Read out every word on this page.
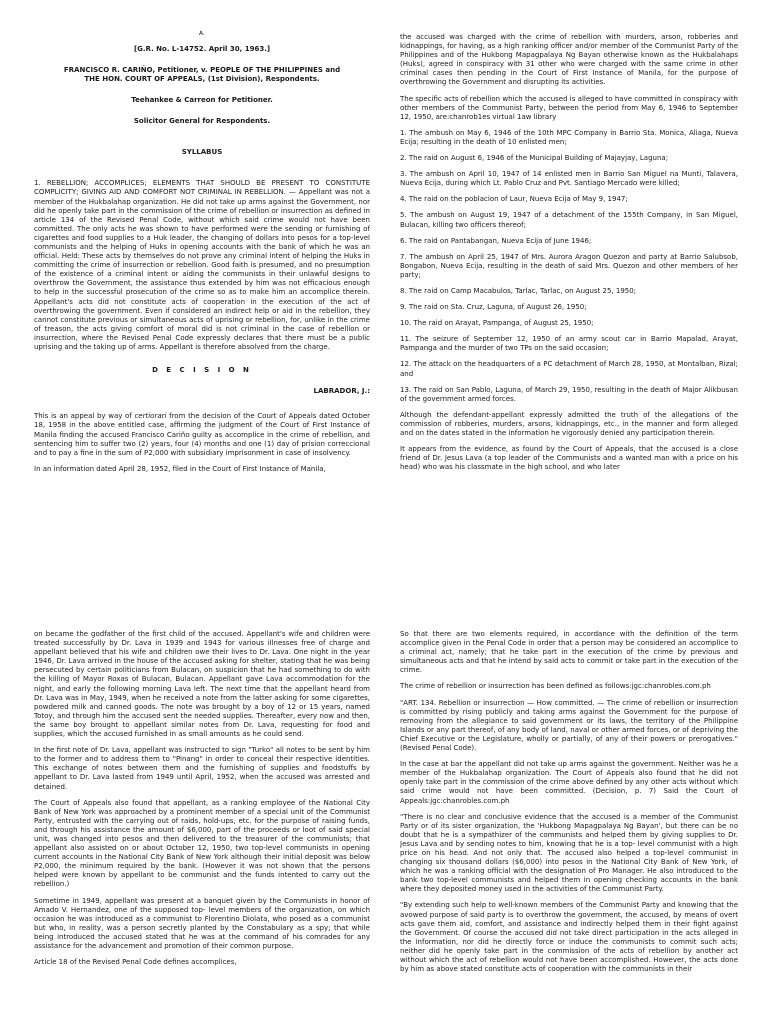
A.

[G.R. No. L-14752. April 30, 1963.]

FRANCISCO R. CARIÑO, Petitioner, v. PEOPLE OF THE PHILIPPINES and

THE HON. COURT OF APPEALS, (1st Division), Respondents.

Teehankee & Carreon for Petitioner.

Solicitor General for Respondents.

SYLLABUS

1. REBELLION; ACCOMPLICES; ELEMENTS THAT SHOULD BE PRESENT TO CONSTITUTE COMPLICITY; GIVING AID AND COMFORT NOT CRIMINAL IN REBELLION. — Appellant was not a member of the Hukbalahap organization. He did not take up arms against the Government, nor did he openly take part in the commission of the crime of rebellion or insurrection as defined in article 134 of the Revised Penal Code, without which said crime would not have been committed. The only acts he was shown to have performed were the sending or furnishing of cigarettes and food supplies to a Huk leader, the changing of dollars into pesos for a top-level communists and the helping of Huks in opening accounts with the bank of which he was an official. Held: These acts by themselves do not prove any criminal intent of helping the Huks in committing the crime of insurrection or rebellion. Good faith is presumed, and no presumption of the existence of a criminal intent or aiding the communists in their unlawful designs to overthrow the Government, the assistance thus extended by him was not efficacious enough to help in the successful prosecution of the crime so as to make him an accomplice therein. Appellant's acts did not constitute acts of cooperation in the execution of the act of overthrowing the government. Even if considered an indirect help or aid in the rebellion, they cannot constitute previous or simultaneous acts of uprising or rebellion, for, unlike in the crime of treason, the acts giving comfort of moral did is not criminal in the case of rebellion or insurrection, where the Revised Penal Code expressly declares that there must be a public uprising and the taking up of arms. Appellant is therefore absolved from the charge.

D E C I S I O N

LABRADOR, J.:

This is an appeal by way of certiorari from the decision of the Court of Appeals dated October 18, 1958 in the above entitled case, affirming the judgment of the Court of First Instance of Manila finding the accused Francisco Cariño guilty as accomplice in the crime of rebellion, and sentencing him to suffer two (2) years, four (4) months and one (1) day of prision correccional and to pay a fine in the sum of P2,000 with subsidiary imprisonment in case of insolvency.

In an information dated April 28, 1952, filed in the Court of First Instance of Manila,

the accused was charged with the crime of rebellion with murders, arson, robberies and kidnappings, for having, as a high ranking officer and/or member of the Communist Party of the Philippines and of the Hukbong Mapagpalaya Ng Bayan otherwise known as the Hukbalahaps (Huks), agreed in conspiracy with 31 other who were charged with the same crime in other criminal cases then pending in the Court of First Instance of Manila, for the purpose of overthrowing the Government and disrupting its activities.

The specific acts of rebellion which the accused is alleged to have committed in conspiracy with other members of the Communist Party, between the period from May 6, 1946 to September 12, 1950, are:chanrob1es virtual 1aw library

1. The ambush on May 6, 1946 of the 10th MPC Company in Barrio Sta. Monica, Aliaga, Nueva Ecija; resulting in the death of 10 enlisted men;

2. The raid on August 6, 1946 of the Municipal Building of Majayjay, Laguna;

3. The ambush on April 10, 1947 of 14 enlisted men in Barrio San Miguel na Munti, Talavera, Nueva Ecija, during which Lt. Pablo Cruz and Pvt. Santiago Mercado were killed;

4. The raid on the poblacion of Laur, Nueva Ecija of May 9, 1947;

5. The ambush on August 19, 1947 of a detachment of the 155th Company, in San Miguel, Bulacan, killing two officers thereof;

6. The raid on Pantabangan, Nueva Ecija of June 1946;

7. The ambush on April 25, 1947 of Mrs. Aurora Aragon Quezon and party at Barrio Salubsob, Bongabon, Nueva Ecija, resulting in the death of said Mrs. Quezon and other members of her party;

8. The raid on Camp Macabulos, Tarlac, Tarlac, on August 25, 1950;

9. The raid on Sta. Cruz, Laguna, of August 26, 1950;

10. The raid on Arayat, Pampanga, of August 25, 1950;

11. The seizure of September 12, 1950 of an army scout car in Barrio Mapalad, Arayat, Pampanga and the murder of two TPs on the said occasion;

12. The attack on the headquarters of a PC detachment of March 28, 1950, at Montalban, Rizal; and

13. The raid on San Pablo, Laguna, of March 29, 1950, resulting in the death of Major Alikbusan of the government armed forces.

Although the defendant-appellant expressly admitted the truth of the allegations of the commission of robberies, murders, arsons, kidnappings, etc., in the manner and form alleged and on the dates stated in the information he vigorously denied any participation therein.

It appears from the evidence, as found by the Court of Appeals, that the accused is a close friend of Dr. Jesus Lava (a top leader of the Communists and a wanted man with a price on his head) who was his classmate in the high school, and who later

on became the godfather of the first child of the accused. Appellant's wife and children were treated successfully by Dr. Lava in 1939 and 1943 for various illnesses free of charge and appellant believed that his wife and children owe their lives to Dr. Lava. One night in the year 1946, Dr. Lava arrived in the house of the accused asking for shelter, stating that he was being persecuted by certain politicians from Bulacan, on suspicion that he had something to do with the killing of Mayor Roxas of Bulacan, Bulacan. Appellant gave Lava accommodation for the night, and early the following morning Lava left. The next time that the appellant heard from Dr. Lava was in May, 1949, when he received a note from the latter asking for some cigarettes, powdered milk and canned goods. The note was brought by a boy of 12 or 15 years, named Totoy, and through him the accused sent the needed supplies. Thereafter, every now and then, the same boy brought to appellant similar notes from Dr. Lava, requesting for food and supplies, which the accused furnished in as small amounts as he could send.

In the first note of Dr. Lava, appellant was instructed to sign "Turko" all notes to be sent by him to the former and to address them to "Pinang" in order to conceal their respective identities. This exchange of notes between them and the furnishing of supplies and foodstuffs by appellant to Dr. Lava lasted from 1949 until April, 1952, when the accused was arrested and detained.

The Court of Appeals also found that appellant, as a ranking employee of the National City Bank of New York was approached by a prominent member of a special unit of the Communist Party, entrusted with the carrying out of raids, hold-ups, etc. for the purpose of raising funds, and through his assistance the amount of $6,000, part of the proceeds or loot of said special unit, was changed into pesos and then delivered to the treasurer of the communists; that appellant also assisted on or about October 12, 1950, two top-level communists in opening current accounts in the National City Bank of New York although their initial deposit was below P2,000, the minimum required by the bank. (However it was not shown that the persons helped were known by appellant to be communist and the funds intented to carry out the rebellion.)

Sometime in 1949, appellant was present at a banquet given by the Communists in honor of Amado V. Hernandez, one of the supposed top- level members of the organization, on which occasion he was introduced as a communist to Florentino Diolata, who posed as a communist but who, in reality, was a person secretly planted by the Constabulary as a spy; that while being introduced the accused stated that he was at the command of his comrades for any assistance for the advancement and promotion of their common purpose.

Article 18 of the Revised Penal Code defines accomplices,

So that there are two elements required, in accordance with the definition of the term accomplice given in the Penal Code in order that a person may be considered an accomplice to a criminal act, namely; that he take part in the execution of the crime by previous and simultaneous acts and that he intend by said acts to commit or take part in the execution of the crime.

The crime of rebellion or insurrection has been defined as follows:jgc:chanrobles.com.ph

"ART. 134. Rebellion or insurrection — How committed. — The crime of rebellion or insurrection is committed by rising publicly and taking arms against the Government for the purpose of removing from the allegiance to said government or its laws, the territory of the Philippine Islands or any part thereof, of any body of land, naval or other armed forces, or of depriving the Chief Executive or the Legislature, wholly or partially, of any of their powers or prerogatives." (Revised Penal Code).

In the case at bar the appellant did not take up arms against the government. Neither was he a member of the Hukbalahap organization. The Court of Appeals also found that he did not openly take part in the commission of the crime above defined by any other acts without which said crime would not have been committed. (Decision, p. 7) Said the Court of Appeals:jgc:chanrobles.com.ph

"There is no clear and conclusive evidence that the accused is a member of the Communist Party or of its sister organization, the 'Hukbong Mapagpalaya Ng Bayan', but there can be no doubt that he is a sympathizer of the communists and helped them by giving supplies to Dr. Jesus Lava and by sending notes to him, knowing that he is a top- level communist with a high price on his head. And not only that. The accused also helped a top-level communist in changing six thousand dollars ($6,000) into pesos in the National City Bank of New York, of which he was a ranking official with the designation of Pro Manager. He also introduced to the bank two top-level communists and helped them in opening checking accounts in the bank where they deposited money used in the activities of the Communist Party.

"By extending such help to well-known members of the Communist Party and knowing that the avowed purpose of said party is to overthrow the government, the accused, by means of overt acts gave them aid, comfort, and assistance and indirectly helped them in their fight against the Government. Of course the accused did not take direct participation in the acts alleged in the information, nor did he directly force or induce the communists to commit such acts; neither did he openly take part in the commission of the acts of rebellion by another act without which the act of rebellion would not have been accomplished. However, the acts done by him as above stated constitute acts of cooperation with the communists in their
